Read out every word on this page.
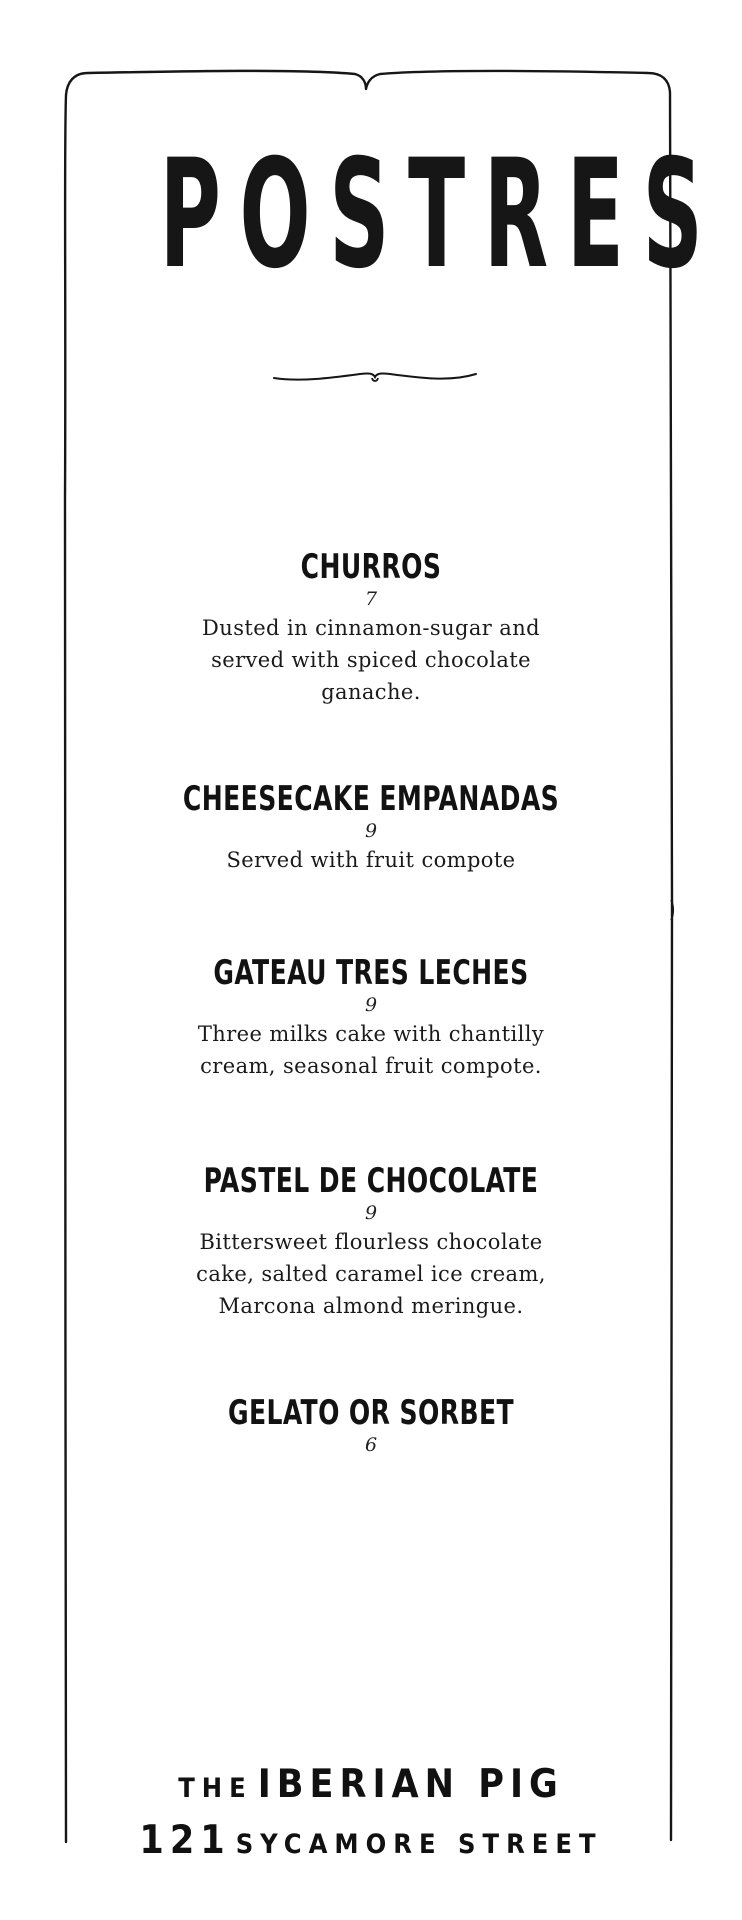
POSTRES
CHURROS
7
Dusted in cinnamon-sugar and served with spiced chocolate ganache.
CHEESECAKE EMPANADAS
9
Served with fruit compote
GATEAU TRES LECHES
9
Three milks cake with chantilly cream, seasonal fruit compote.
PASTEL DE CHOCOLATE
9
Bittersweet flourless chocolate cake, salted caramel ice cream, Marcona almond meringue.
GELATO OR SORBET
6
THE IBERIAN PIG
121 SYCAMORE STREET
